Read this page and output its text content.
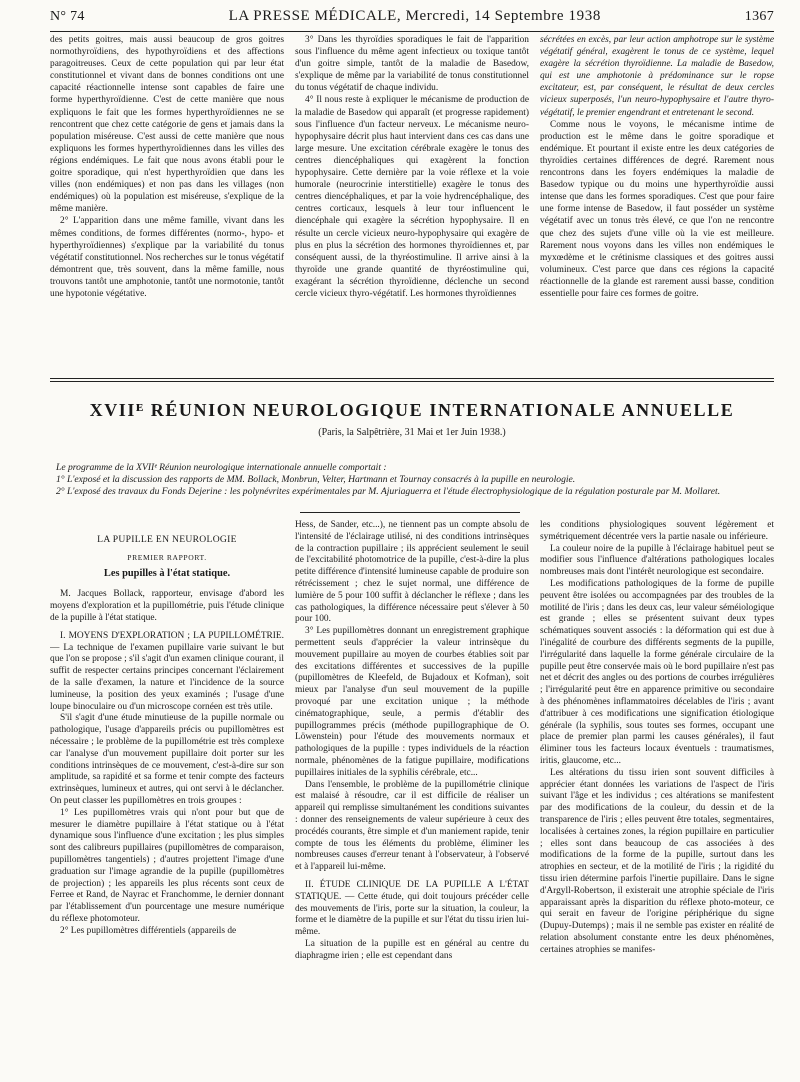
N° 74	LA PRESSE MÉDICALE, Mercredi, 14 Septembre 1938	1367

des petits goitres, mais aussi beaucoup de gros goitres normothyroïdiens, des hypothyroïdiens et des affections paragoitreuses. Ceux de cette population qui par leur état constitutionnel et vivant dans de bonnes conditions ont une capacité réactionnelle intense sont capables de faire une forme hyperthyroïdienne. C'est de cette manière que nous expliquons le fait que les formes hyperthyroïdiennes ne se rencontrent que chez cette catégorie de gens et jamais dans la population miséreuse. C'est aussi de cette manière que nous expliquons les formes hyperthyroïdiennes dans les villes des régions endémiques. Le fait que nous avons établi pour le goitre sporadique, qui n'est hyperthyroïdien que dans les villes (non endémiques) et non pas dans les villages (non endémiques) où la population est miséreuse, s'explique de la même manière.

2° L'apparition dans une même famille, vivant dans les mêmes conditions, de formes différentes (normo-, hypo- et hyperthyroïdiennes) s'explique par la variabilité du tonus végétatif constitutionnel. Nos recherches sur le tonus végétatif démontrent que, très souvent, dans la même famille, nous trouvons tantôt une amphotonie, tantôt une normotonie, tantôt une hypotonie végétative.

3° Dans les thyroïdies sporadiques le fait de l'apparition sous l'influence du même agent infectieux ou toxique tantôt d'un goitre simple, tantôt de la maladie de Basedow, s'explique de même par la variabilité de tonus constitutionnel du tonus végétatif de chaque individu.

4° Il nous reste à expliquer le mécanisme de production de la maladie de Basedow qui apparaît (et progresse rapidement) sous l'influence d'un facteur nerveux. Le mécanisme neuro-hypophysaire décrit plus haut intervient dans ces cas dans une large mesure. Une excitation cérébrale exagère le tonus des centres diencéphaliques qui exagèrent la fonction hypophysaire. Cette dernière par la voie réflexe et la voie humorale (neurocrinie interstitielle) exagère le tonus des centres diencéphaliques, et par la voie hydrencéphalique, des centres corticaux, lesquels à leur tour influencent le diencéphale qui exagère la sécrétion hypophysaire. Il en résulte un cercle vicieux neuro-hypophysaire qui exagère de plus en plus la sécrétion des hormones thyroïdiennes et, par conséquent aussi, de la thyréostimuline. Il arrive ainsi à la thyroïde une grande quantité de thyréostimuline qui, exagérant la sécrétion thyroïdienne, déclenche un second cercle vicieux thyro-végétatif. Les hormones thyroïdiennes

sécrétées en excès, par leur action amphotrope sur le système végétatif général, exagèrent le tonus de ce système, lequel exagère la sécrétion thyroïdienne. La maladie de Basedow, qui est une amphotonie à prédominance sur le ropse excitateur, est, par conséquent, le résultat de deux cercles vicieux superposés, l'un neuro-hypophysaire et l'autre thyro-végétatif, le premier engendrant et entretenant le second.

Comme nous le voyons, le mécanisme intime de production est le même dans le goitre sporadique et endémique. Et pourtant il existe entre les deux catégories de thyroïdies certaines différences de degré. Rarement nous rencontrons dans les foyers endémiques la maladie de Basedow typique ou du moins une hyperthyroïdie aussi intense que dans les formes sporadiques. C'est que pour faire une forme intense de Basedow, il faut posséder un système végétatif avec un tonus très élevé, ce que l'on ne rencontre que chez des sujets d'une ville où la vie est meilleure. Rarement nous voyons dans les villes non endémiques le myxœdème et le crétinisme classiques et des goitres aussi volumineux. C'est parce que dans ces régions la capacité réactionnelle de la glande est rarement aussi basse, condition essentielle pour faire ces formes de goitre.

XVIIᴱ RÉUNION NEUROLOGIQUE INTERNATIONALE ANNUELLE
(Paris, la Salpêtrière, 31 Mai et 1er Juin 1938.)

Le programme de la XVIIᵉ Réunion neurologique internationale annuelle comportait :

1° L'exposé et la discussion des rapports de MM. Bollack, Monbrun, Velter, Hartmann et Tournay consacrés à la pupille en neurologie.

2° L'exposé des travaux du Fonds Dejerine : les polynévrites expérimentales par M. Ajuriaguerra et l'étude électrophysiologique de la régulation posturale par M. Mollaret.

LA PUPILLE EN NEUROLOGIE
PREMIER RAPPORT.
Les pupilles à l'état statique.

M. Jacques Bollack, rapporteur, envisage d'abord les moyens d'exploration et la pupillométrie, puis l'étude clinique de la pupille à l'état statique.

I. MOYENS D'EXPLORATION ; LA PUPILLOMÉTRIE. — La technique de l'examen pupillaire varie suivant le but que l'on se propose ; s'il s'agit d'un examen clinique courant, il suffit de respecter certains principes concernant l'éclairement de la salle d'examen, la nature et l'incidence de la source lumineuse, la position des yeux examinés ; l'usage d'une loupe binoculaire ou d'un microscope cornéen est très utile.

S'il s'agit d'une étude minutieuse de la pupille normale ou pathologique, l'usage d'appareils précis ou pupillomètres est nécessaire ; le problème de la pupillométrie est très complexe car l'analyse d'un mouvement pupillaire doit porter sur les conditions intrinsèques de ce mouvement, c'est-à-dire sur son amplitude, sa rapidité et sa forme et tenir compte des facteurs extrinsèques, lumineux et autres, qui ont servi à le déclancher. On peut classer les pupillomètres en trois groupes :

1° Les pupillomètres vrais qui n'ont pour but que de mesurer le diamètre pupillaire à l'état statique ou à l'état dynamique sous l'influence d'une excitation ; les plus simples sont des calibreurs pupillaires (pupillomètres de comparaison, pupillomètres tangentiels) ; d'autres projettent l'image d'une graduation sur l'image agrandie de la pupille (pupillomètres de projection) ; les appareils les plus récents sont ceux de Ferree et Rand, de Nayrac et Franchomme, le dernier donnant par l'établissement d'un pourcentage une mesure numérique du réflexe photomoteur.

2° Les pupillomètres différentiels (appareils de

Hess, de Sander, etc...), ne tiennent pas un compte absolu de l'intensité de l'éclairage utilisé, ni des conditions intrinsèques de la contraction pupillaire ; ils apprécient seulement le seuil de l'excitabilité photomotrice de la pupille, c'est-à-dire la plus petite différence d'intensité lumineuse capable de produire son rétrécissement ; chez le sujet normal, une différence de lumière de 5 pour 100 suffit à déclancher le réflexe ; dans les cas pathologiques, la différence nécessaire peut s'élever à 50 pour 100.

3° Les pupillomètres donnant un enregistrement graphique permettent seuls d'apprécier la valeur intrinsèque du mouvement pupillaire au moyen de courbes établies soit par des excitations différentes et successives de la pupille (pupillomètres de Kleefeld, de Bujadoux et Kofman), soit mieux par l'analyse d'un seul mouvement de la pupille provoqué par une excitation unique ; la méthode cinématographique, seule, a permis d'établir des pupillogrammes précis (méthode pupillographique de O. Löwenstein) pour l'étude des mouvements normaux et pathologiques de la pupille : types individuels de la réaction normale, phénomènes de la fatigue pupillaire, modifications pupillaires initiales de la syphilis cérébrale, etc...

Dans l'ensemble, le problème de la pupillométrie clinique est malaisé à résoudre, car il est difficile de réaliser un appareil qui remplisse simultanément les conditions suivantes : donner des renseignements de valeur supérieure à ceux des procédés courants, être simple et d'un maniement rapide, tenir compte de tous les éléments du problème, éliminer les nombreuses causes d'erreur tenant à l'observateur, à l'observé et à l'appareil lui-même.

II. ÉTUDE CLINIQUE DE LA PUPILLE A L'ÉTAT STATIQUE. — Cette étude, qui doit toujours précéder celle des mouvements de l'iris, porte sur la situation, la couleur, la forme et le diamètre de la pupille et sur l'état du tissu irien lui-même.

La situation de la pupille est en général au centre du diaphragme irien ; elle est cependant dans

les conditions physiologiques souvent légèrement et symétriquement décentrée vers la partie nasale ou inférieure.

La couleur noire de la pupille à l'éclairage habituel peut se modifier sous l'influence d'altérations pathologiques locales nombreuses mais dont l'intérêt neurologique est secondaire.

Les modifications pathologiques de la forme de pupille peuvent être isolées ou accompagnées par des troubles de la motilité de l'iris ; dans les deux cas, leur valeur séméiologique est grande ; elles se présentent suivant deux types schématiques souvent associés : la déformation qui est due à l'inégalité de courbure des différents segments de la pupille, l'irrégularité dans laquelle la forme générale circulaire de la pupille peut être conservée mais où le bord pupillaire n'est pas net et décrit des angles ou des portions de courbes irrégulières ; l'irrégularité peut être en apparence primitive ou secondaire à des phénomènes inflammatoires décelables de l'iris ; avant d'attribuer à ces modifications une signification étiologique générale (la syphilis, sous toutes ses formes, occupant une place de premier plan parmi les causes générales), il faut éliminer tous les facteurs locaux éventuels : traumatismes, iritis, glaucome, etc...

Les altérations du tissu irien sont souvent difficiles à apprécier étant données les variations de l'aspect de l'iris suivant l'âge et les individus ; ces altérations se manifestent par des modifications de la couleur, du dessin et de la transparence de l'iris ; elles peuvent être totales, segmentaires, localisées à certaines zones, la région pupillaire en particulier ; elles sont dans beaucoup de cas associées à des modifications de la forme de la pupille, surtout dans les atrophies en secteur, et de la motilité de l'iris ; la rigidité du tissu irien détermine parfois l'inertie pupillaire. Dans le signe d'Argyll-Robertson, il existerait une atrophie spéciale de l'iris apparaissant après la disparition du réflexe photo-moteur, ce qui serait en faveur de l'origine périphérique du signe (Dupuy-Dutemps) ; mais il ne semble pas exister en réalité de relation absolument constante entre les deux phénomènes, certaines atrophies se manifes-
